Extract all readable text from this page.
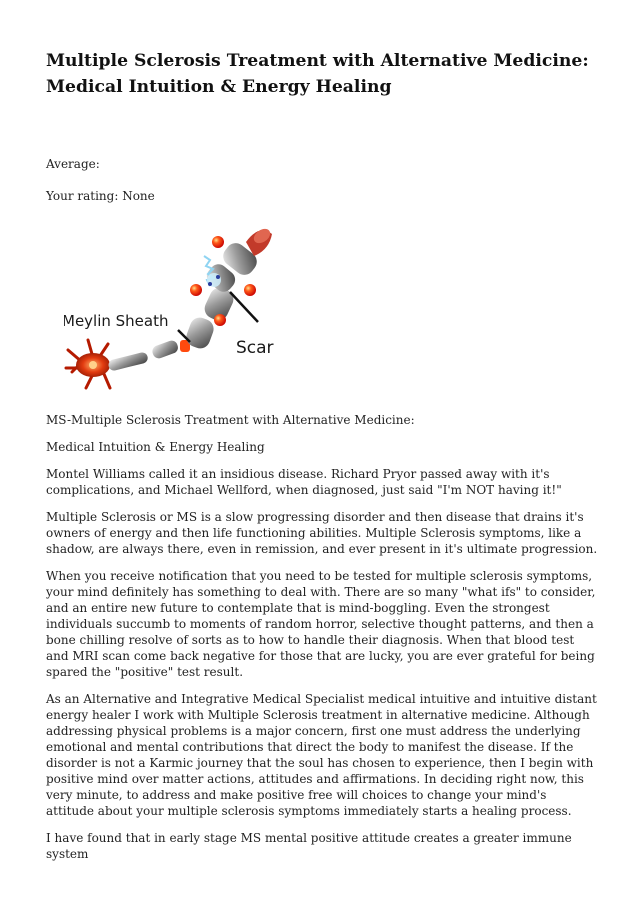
Multiple Sclerosis Treatment with Alternative Medicine: Medical Intuition & Energy Healing
Average:
Your rating: None
Meylin Sheath
Scar

MS-Multiple Sclerosis Treatment with Alternative Medicine:

Medical Intuition & Energy Healing

Montel Williams called it an insidious disease. Richard Pryor passed away with it's complications, and Michael Wellford, when diagnosed, just said "I'm NOT having it!"

Multiple Sclerosis or MS is a slow progressing disorder and then disease that drains it's owners of energy and then life functioning abilities. Multiple Sclerosis symptoms, like a shadow, are always there, even in remission, and ever present in it's ultimate progression.

When you receive notification that you need to be tested for multiple sclerosis symptoms, your mind definitely has something to deal with. There are so many "what ifs" to consider, and an entire new future to contemplate that is mind-boggling. Even the strongest individuals succumb to moments of random horror, selective thought patterns, and then a bone chilling resolve of sorts as to how to handle their diagnosis. When that blood test and MRI scan come back negative for those that are lucky, you are ever grateful for being spared the "positive" test result.

As an Alternative and Integrative Medical Specialist medical intuitive and intuitive distant energy healer I work with Multiple Sclerosis treatment in alternative medicine. Although addressing physical problems is a major concern, first one must address the underlying emotional and mental contributions that direct the body to manifest the disease. If the disorder is not a Karmic journey that the soul has chosen to experience, then I begin with positive mind over matter actions, attitudes and affirmations. In deciding right now, this very minute, to address and make positive free will choices to change your mind's attitude about your multiple sclerosis symptoms immediately starts a healing process.

I have found that in early stage MS mental positive attitude creates a greater immune system
